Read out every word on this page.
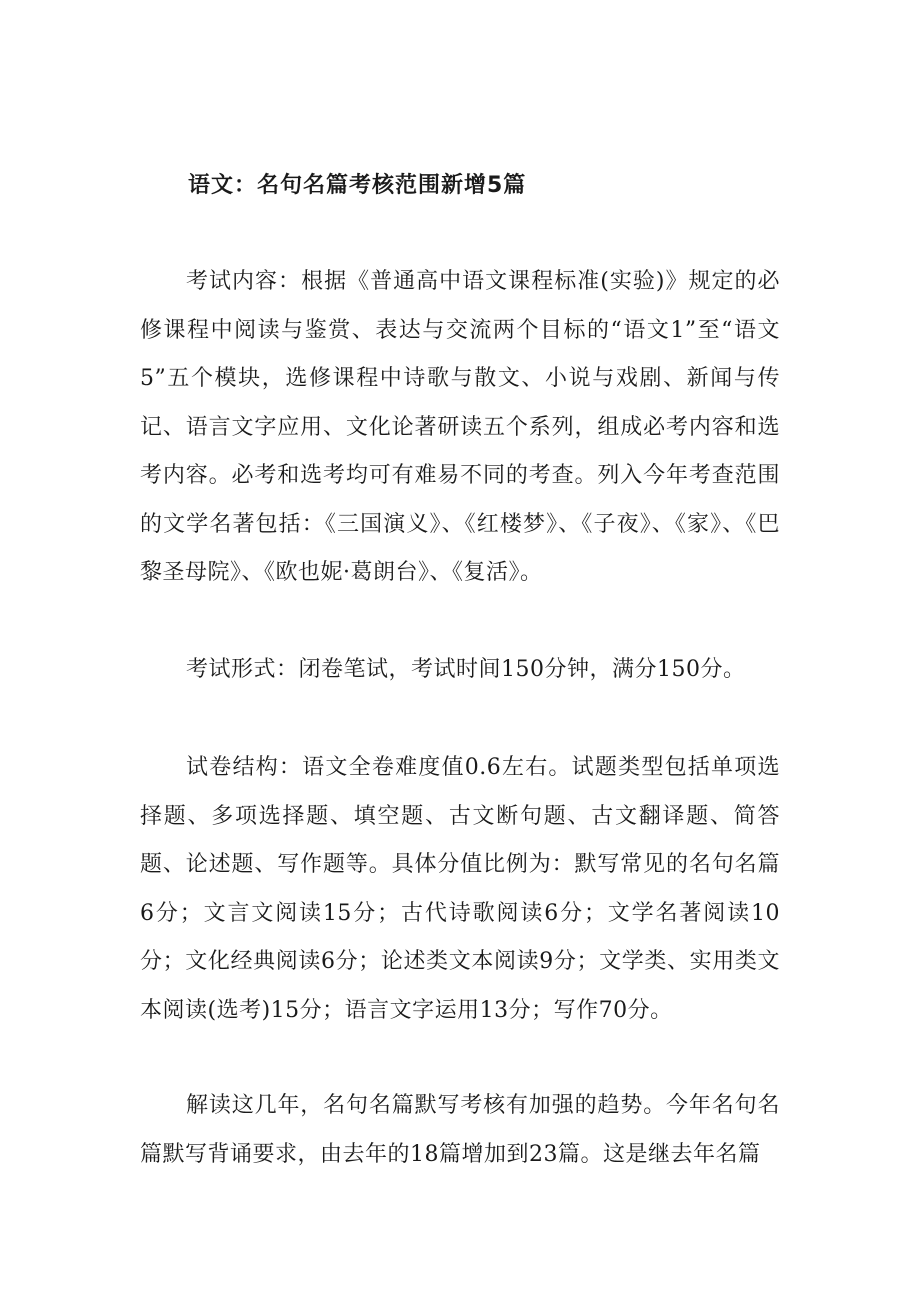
语文：名句名篇考核范围新增5篇

考试内容：根据《普通高中语文课程标准(实验)》规定的必修课程中阅读与鉴赏、表达与交流两个目标的“语文1”至“语文5”五个模块，选修课程中诗歌与散文、小说与戏剧、新闻与传记、语言文字应用、文化论著研读五个系列，组成必考内容和选考内容。必考和选考均可有难易不同的考查。列入今年考查范围的文学名著包括：《三国演义》、《红楼梦》、《子夜》、《家》、《巴黎圣母院》、《欧也妮·葛朗台》、《复活》。

考试形式：闭卷笔试，考试时间150分钟，满分150分。

试卷结构：语文全卷难度值0.6左右。试题类型包括单项选择题、多项选择题、填空题、古文断句题、古文翻译题、简答题、论述题、写作题等。具体分值比例为：默写常见的名句名篇6分；文言文阅读15分；古代诗歌阅读6分；文学名著阅读10分；文化经典阅读6分；论述类文本阅读9分；文学类、实用类文本阅读(选考)15分；语言文字运用13分；写作70分。

解读这几年，名句名篇默写考核有加强的趋势。今年名句名篇默写背诵要求，由去年的18篇增加到23篇。这是继去年名篇
